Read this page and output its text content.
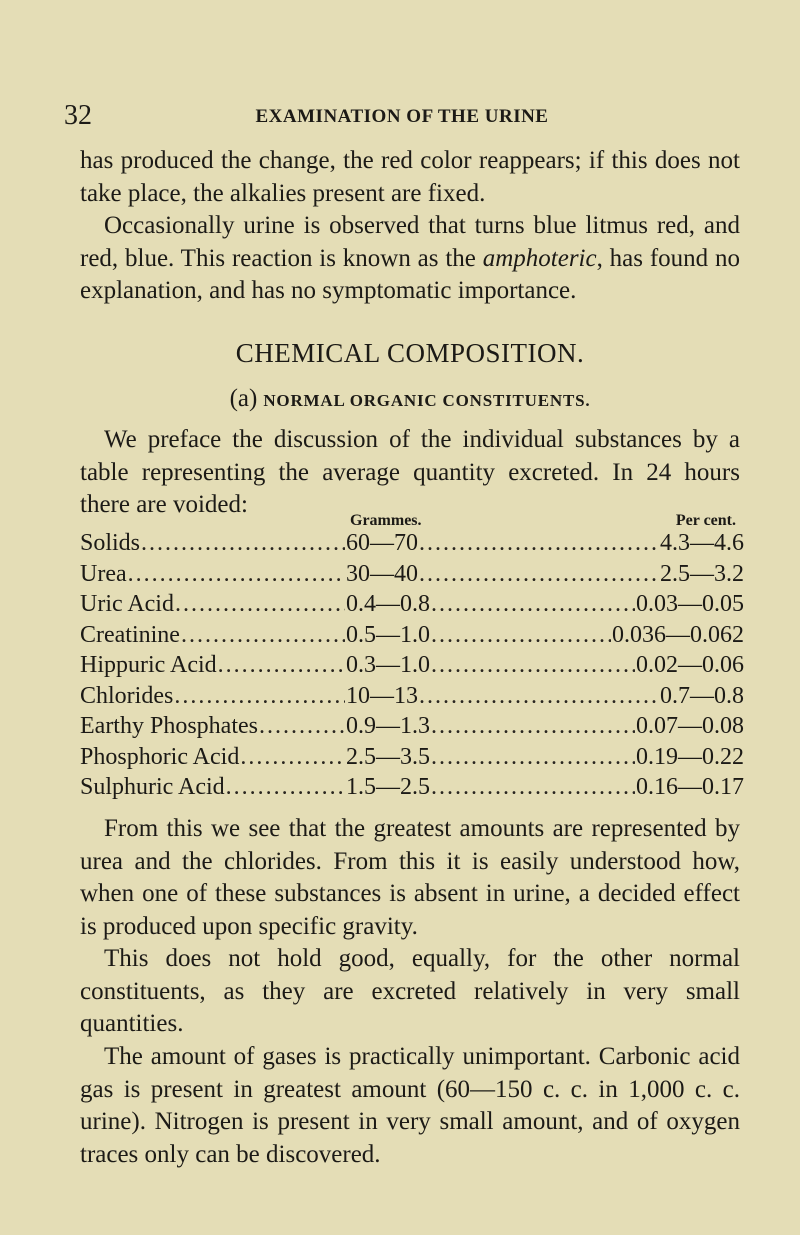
32	EXAMINATION OF THE URINE

has produced the change, the red color reappears; if this does not take place, the alkalies present are fixed.

Occasionally urine is observed that turns blue litmus red, and red, blue. This reaction is known as the amphoteric, has found no explanation, and has no symptomatic importance.

CHEMICAL COMPOSITION.
(a) NORMAL ORGANIC CONSTITUENTS.

We preface the discussion of the individual substances by a table representing the average quantity excreted. In 24 hours there are voided:

Grammes.	Per cent.
Solids .....	60—70 .....	4.3—4.6
Urea .....	30—40 .....	2.5—3.2
Uric Acid .....	0.4—0.8 .....	0.03—0.05
Creatinine .....	0.5—1.0 .....	0.036—0.062
Hippuric Acid .....	0.3—1.0 .....	0.02—0.06
Chlorides .....	10—13 .....	0.7—0.8
Earthy Phosphates .....	0.9—1.3 .....	0.07—0.08
Phosphoric Acid .....	2.5—3.5 .....	0.19—0.22
Sulphuric Acid .....	1.5—2.5 .....	0.16—0.17

From this we see that the greatest amounts are represented by urea and the chlorides. From this it is easily understood how, when one of these substances is absent in urine, a decided effect is produced upon specific gravity.

This does not hold good, equally, for the other normal constituents, as they are excreted relatively in very small quantities.

The amount of gases is practically unimportant. Carbonic acid gas is present in greatest amount (60—150 c. c. in 1,000 c. c. urine). Nitrogen is present in very small amount, and of oxygen traces only can be discovered.
